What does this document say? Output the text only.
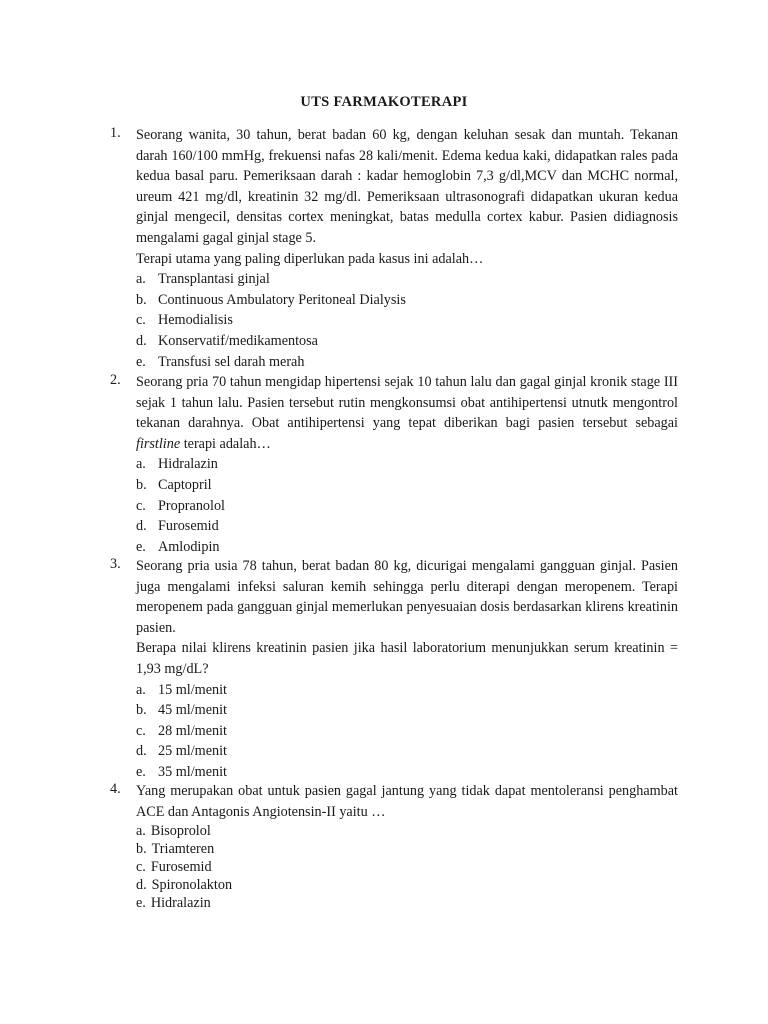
UTS FARMAKOTERAPI
1. Seorang wanita, 30 tahun, berat badan 60 kg, dengan keluhan sesak dan muntah. Tekanan darah 160/100 mmHg, frekuensi nafas 28 kali/menit. Edema kedua kaki, didapatkan rales pada kedua basal paru. Pemeriksaan darah : kadar hemoglobin 7,3 g/dl,MCV dan MCHC normal, ureum 421 mg/dl, kreatinin 32 mg/dl. Pemeriksaan ultrasonografi didapatkan ukuran kedua ginjal mengecil, densitas cortex meningkat, batas medulla cortex kabur. Pasien didiagnosis mengalami gagal ginjal stage 5.

Terapi utama yang paling diperlukan pada kasus ini adalah…

a. Transplantasi ginjal
b. Continuous Ambulatory Peritoneal Dialysis
c. Hemodialisis
d. Konservatif/medikamentosa
e. Transfusi sel darah merah
2. Seorang pria 70 tahun mengidap hipertensi sejak 10 tahun lalu dan gagal ginjal kronik stage III sejak 1 tahun lalu. Pasien tersebut rutin mengkonsumsi obat antihipertensi utnutk mengontrol tekanan darahnya. Obat antihipertensi yang tepat diberikan bagi pasien tersebut sebagai firstline terapi adalah…

a. Hidralazin
b. Captopril
c. Propranolol
d. Furosemid
e. Amlodipin
3. Seorang pria usia 78 tahun, berat badan 80 kg, dicurigai mengalami gangguan ginjal. Pasien juga mengalami infeksi saluran kemih sehingga perlu diterapi dengan meropenem. Terapi meropenem pada gangguan ginjal memerlukan penyesuaian dosis berdasarkan klirens kreatinin pasien.

Berapa nilai klirens kreatinin pasien jika hasil laboratorium menunjukkan serum kreatinin = 1,93 mg/dL?

a. 15 ml/menit
b. 45 ml/menit
c. 28 ml/menit
d. 25 ml/menit
e. 35 ml/menit
4. Yang merupakan obat untuk pasien gagal jantung yang tidak dapat mentoleransi penghambat ACE dan Antagonis Angiotensin-II yaitu …

a. Bisoprolol
b. Triamteren
c. Furosemid
d. Spironolakton
e. Hidralazin
